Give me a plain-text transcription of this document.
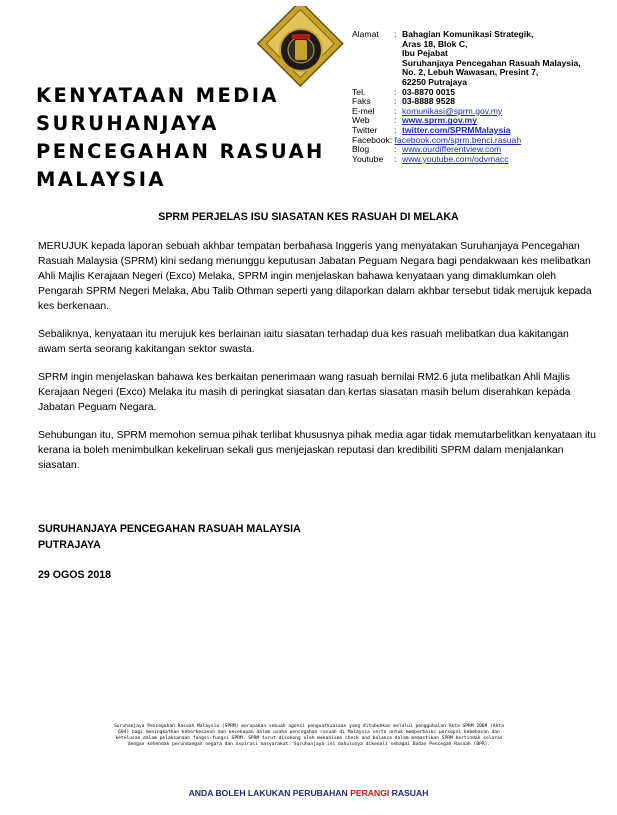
KENYATAAN MEDIA
SURUHANJAYA
PENCEGAHAN RASUAH
MALAYSIA
Alamat	: Bahagian Komunikasi Strategik,
Aras 18, Blok C,
Ibu Pejabat
Suruhanjaya Pencegahan Rasuah Malaysia,
No. 2, Lebuh Wawasan, Presint 7,
62250 Putrajaya
Tel.	: 03-8870 0015
Faks	: 03-8888 9528
E-mel	: komunikasi@sprm.gov.my
Web	: www.sprm.gov.my
Twitter	: twitter.com/SPRMMalaysia
Facebook :
facebook.com/sprm.benci.rasuah
Blog	: www.ourdifferentview.com
Youtube	: www.youtube.com/odvmacc
SPRM PERJELAS ISU SIASATAN KES RASUAH DI MELAKA

MERUJUK kepada laporan sebuah akhbar tempatan berbahasa Inggeris yang menyatakan Suruhanjaya Pencegahan Rasuah Malaysia (SPRM) kini sedang menunggu keputusan Jabatan Peguam Negara bagi pendakwaan kes melibatkan Ahli Majlis Kerajaan Negeri (Exco) Melaka, SPRM ingin menjelaskan bahawa kenyataan yang dimaklumkan oleh Pengarah SPRM Negeri Melaka, Abu Talib Othman seperti yang dilaporkan dalam akhbar tersebut tidak merujuk kepada kes berkenaan.

Sebaliknya, kenyataan itu merujuk kes berlainan iaitu siasatan terhadap dua kes rasuah melibatkan dua kakitangan awam serta seorang kakitangan sektor swasta.

SPRM ingin menjelaskan bahawa kes berkaitan penerimaan wang rasuah bernilai RM2.6 juta melibatkan Ahli Majlis Kerajaan Negeri (Exco) Melaka itu masih di peringkat siasatan dan kertas siasatan masih belum diserahkan kepada Jabatan Peguam Negara.

Sehubungan itu, SPRM memohon semua pihak terlibat khususnya pihak media agar tidak memutarbelitkan kenyataan itu kerana ia boleh menimbulkan kekeliruan sekali gus menjejaskan reputasi dan kredibiliti SPRM dalam menjalankan siasatan.

SURUHANJAYA PENCEGAHAN RASUAH MALAYSIA
PUTRAJAYA
29 OGOS 2018
Suruhanjaya Pencegahan Rasuah Malaysia (SPRM) merupakan sebuah agensi penguatkuasaan yang ditubuhkan melalui penggubalan Akta SPRM 2009 (Akta
694) bagi meningkatkan keberkesanan dan kecekapan dalam usaha pencegahan rasuah di Malaysia serta untuk memperbaiki persepsi kebebasan dan
ketelusan dalam pelaksanaan fungsi-fungsi SPRM. SPRM turut disokong oleh mekanisme check and balance dalam memastikan SPRM bertindak selaras
dengan kehendak perundangan negara dan aspirasi masyarakat. Suruhanjaya ini dahulunya dikenali sebagai Badan Pencegah Rasuah (BPR).
ANDA BOLEH LAKUKAN PERUBAHAN PERANGI RASUAH
